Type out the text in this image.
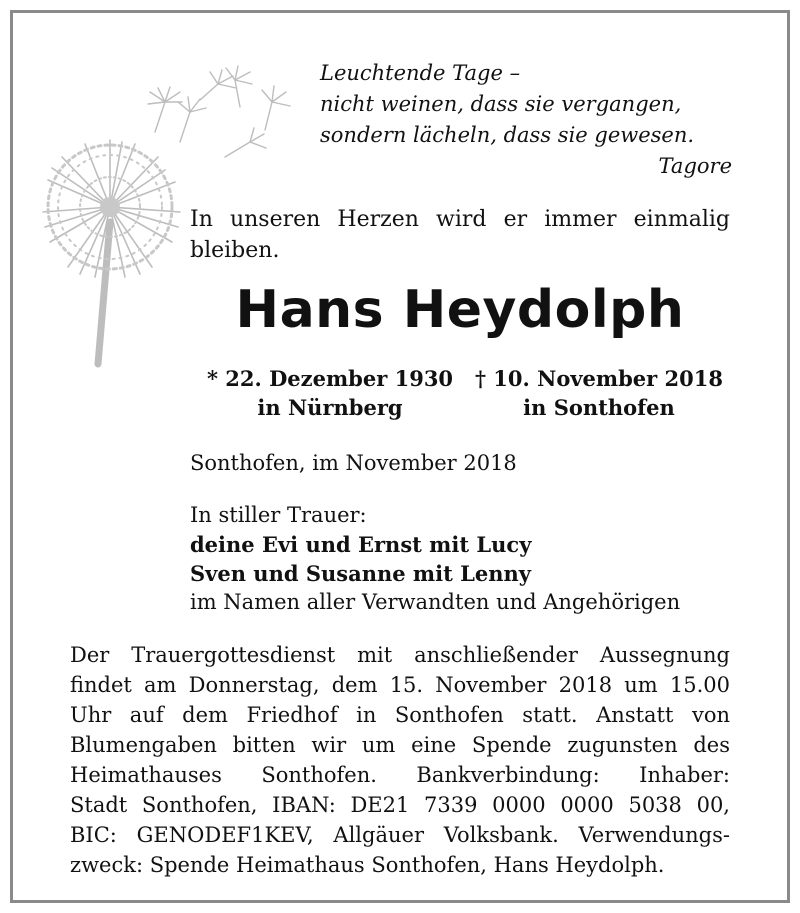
Leuchtende Tage –
nicht weinen, dass sie vergangen,
sondern lächeln, dass sie gewesen.
Tagore
In unseren Herzen wird er immer einmalig bleiben.
Hans Heydolph
* 22. Dezember 1930
in Nürnberg
† 10. November 2018
in Sonthofen
Sonthofen, im November 2018
In stiller Trauer:
deine Evi und Ernst mit Lucy
Sven und Susanne mit Lenny
im Namen aller Verwandten und Angehörigen
Der Trauergottesdienst mit anschließender Aussegnung
findet am Donnerstag, dem 15. November 2018 um 15.00
Uhr auf dem Friedhof in Sonthofen statt. Anstatt von
Blumengaben bitten wir um eine Spende zugunsten des
Heimathauses Sonthofen. Bankverbindung: Inhaber:
Stadt Sonthofen, IBAN: DE21 7339 0000 0000 5038 00,
BIC: GENODEF1KEV, Allgäuer Volksbank. Verwendungs-
zweck: Spende Heimathaus Sonthofen, Hans Heydolph.
